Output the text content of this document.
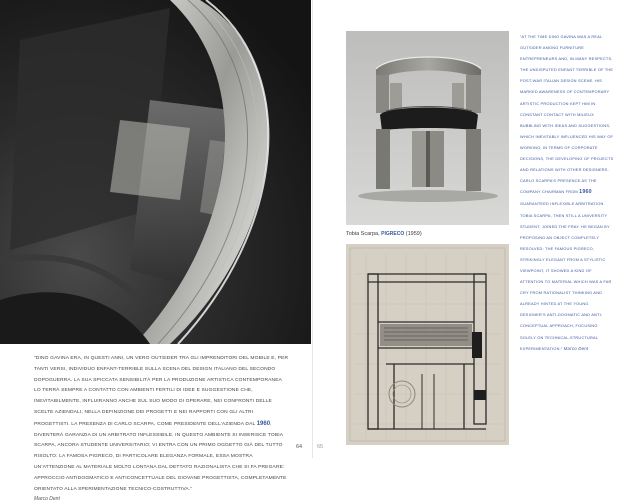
“DINO GAVINA ERA, IN QUESTI ANNI, UN VERO OUTSIDER TRA GLI IMPRENDITORI DEL MOBILE E, PER TANTI VERSI, INDIVIDUO ENFANT-TERRIBLE SULLA SCENA DEL DESIGN ITALIANO DEL SECONDO DOPOGUERRA. LA SUA SPICCATA SENSIBILITÀ PER LA PRODUZIONE ARTISTICA CONTEMPORANEA LO TERRÀ SEMPRE A CONTATTO CON AMBIENTI FERTILI DI IDEE E SUGGESTIONE CHE, INEVITABILMENTE, INFLUIRANNO ANCHE SUL SUO MODO DI OPERARE, NEI CONFRONTI DELLE SCELTE AZIENDALI, NELLA DEFINIZIONE DEI PROGETTI E NEI RAPPORTI CON GLI ALTRI PROGETTISTI. LA PRESENZA DI CARLO SCARPA, COME PRESIDENTE DELL’AZIENDA DAL 1960, DIVENTERÀ GARANZIA DI UN ARBITRATO INFLESSIBILE. IN QUESTO AMBIENTE SI INSERISCE TOBIA SCARPA, ANCORA STUDENTE UNIVERSITARIO; VI ENTRA CON UN PRIMO OGGETTO GIÀ DEL TUTTO RISOLTO: LA FAMOSA PIGRECO, DI PARTICOLARE ELEGANZA FORMALE, ESSA MOSTRA UN’ATTENZIONE AL MATERIALE MOLTO LONTANA DAL DETTATO RAZIONALISTA CHE SI FA PREGARE: APPROCCIO ANTIDOGMATICO E ANTICONCETTUALE DEL GIOVANE PROGETTISTA, COMPLETAMENTE ORIENTATO ALLA SPERIMENTAZIONE TECNICO-COSTRUTTIVA.”

Marco Dent

64
Tobia Scarpa, PIGRECO (1959)

“AT THE TIME DINO GAVINA WAS A REAL OUTSIDER AMONG FURNITURE ENTREPRENEURS AND, IN MANY RESPECTS, THE UNDISPUTED ENFANT TERRIBLE OF THE POST-WAR ITALIAN DESIGN SCENE. HIS MARKED AWARENESS OF CONTEMPORARY ARTISTIC PRODUCTION KEPT HIM IN CONSTANT CONTACT WITH MILIEUX BUBBLING WITH IDEAS AND SUGGESTIONS, WHICH INEVITABLY INFLUENCED HIS WAY OF WORKING, IN TERMS OF CORPORATE DECISIONS, THE DEVELOPING OF PROJECTS AND RELATIONS WITH OTHER DESIGNERS. CARLO SCARPA’S PRESENCE AS THE COMPANY CHAIRMAN FROM 1960 GUARANTEED INFLEXIBLE ARBITRATION. TOBIA SCARPA, THEN STILL A UNIVERSITY STUDENT, JOINED THE FRAY. HE BEGAN BY PROPOSING AN OBJECT COMPLETELY RESOLVED: THE FAMOUS PIGRECO, STRIKINGLY ELEGANT FROM A STYLISTIC VIEWPOINT, IT SHOWED A KIND OF ATTENTION TO MATERIAL WHICH WAS A FAR CRY FROM RATIONALIST THINKING AND ALREADY HINTED AT THE YOUNG DESIGNER’S ANTI-DOGMATIC AND ANTI-CONCEPTUAL APPROACH, FOCUSING SOLELY ON TECHNICAL-STRUCTURAL EXPERIMENTATION.” Marco Dent

65
